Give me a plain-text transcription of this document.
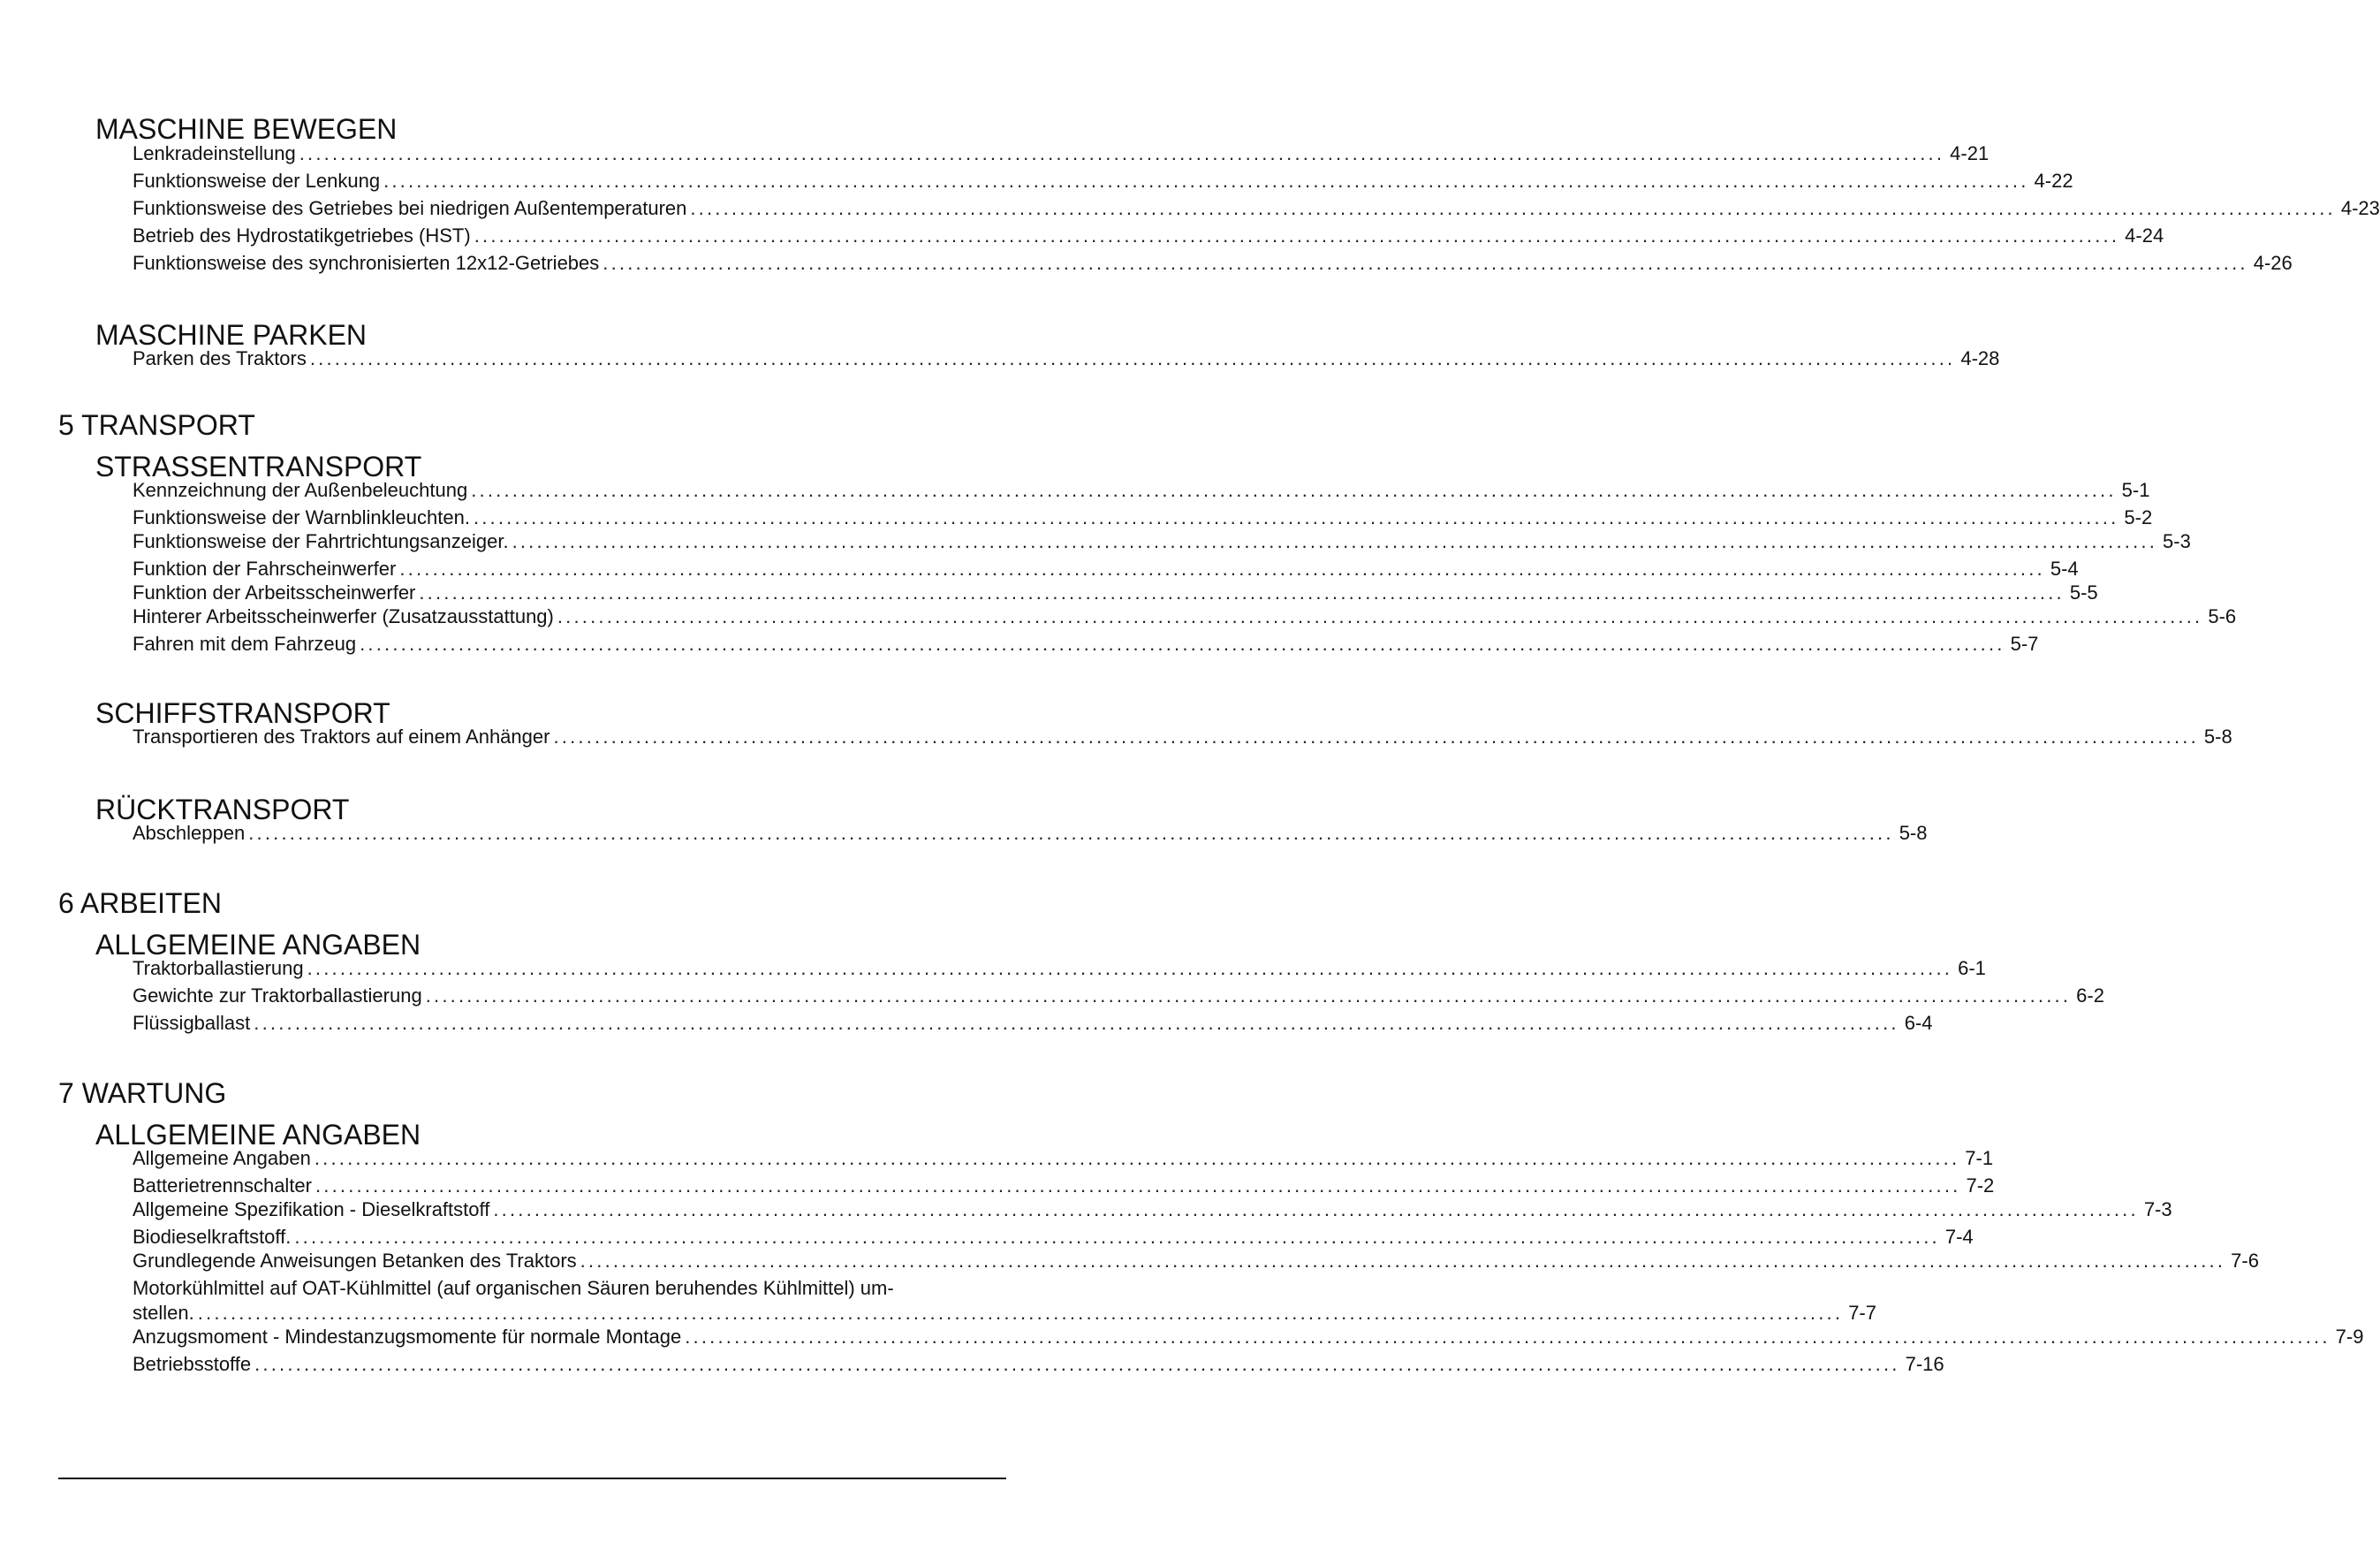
MASCHINE BEWEGEN
Lenkradeinstellung ........................................................................................................................................................................................................ 4-21
Funktionsweise der Lenkung ........................................................................................................................................................................................................ 4-22
Funktionsweise des Getriebes bei niedrigen Außentemperaturen ........................................................................................................................................................................................................ 4-23
Betrieb des Hydrostatikgetriebes (HST) ........................................................................................................................................................................................................ 4-24
Funktionsweise des synchronisierten 12x12-Getriebes ........................................................................................................................................................................................................ 4-26
MASCHINE PARKEN
Parken des Traktors ........................................................................................................................................................................................................ 4-28
5 TRANSPORT
STRASSENTRANSPORT
Kennzeichnung der Außenbeleuchtung ........................................................................................................................................................................................................ 5-1
Funktionsweise der Warnblinkleuchten. ........................................................................................................................................................................................................ 5-2
Funktionsweise der Fahrtrichtungsanzeiger. ........................................................................................................................................................................................................ 5-3
Funktion der Fahrscheinwerfer ........................................................................................................................................................................................................ 5-4
Funktion der Arbeitsscheinwerfer ........................................................................................................................................................................................................ 5-5
Hinterer Arbeitsscheinwerfer (Zusatzausstattung) ........................................................................................................................................................................................................ 5-6
Fahren mit dem Fahrzeug ........................................................................................................................................................................................................ 5-7
SCHIFFSTRANSPORT
Transportieren des Traktors auf einem Anhänger ........................................................................................................................................................................................................ 5-8
RÜCKTRANSPORT
Abschleppen ........................................................................................................................................................................................................ 5-8
6 ARBEITEN
ALLGEMEINE ANGABEN
Traktorballastierung ........................................................................................................................................................................................................ 6-1
Gewichte zur Traktorballastierung ........................................................................................................................................................................................................ 6-2
Flüssigballast ........................................................................................................................................................................................................ 6-4
7 WARTUNG
ALLGEMEINE ANGABEN
Allgemeine Angaben ........................................................................................................................................................................................................ 7-1
Batterietrennschalter ........................................................................................................................................................................................................ 7-2
Allgemeine Spezifikation - Dieselkraftstoff ........................................................................................................................................................................................................ 7-3
Biodieselkraftstoff. ........................................................................................................................................................................................................ 7-4
Grundlegende Anweisungen Betanken des Traktors ........................................................................................................................................................................................................ 7-6
Motorkühlmittel auf OAT-Kühlmittel (auf organischen Säuren beruhendes Kühlmittel) um-
stellen. ........................................................................................................................................................................................................ 7-7
Anzugsmoment - Mindestanzugsmomente für normale Montage ........................................................................................................................................................................................................ 7-9
Betriebsstoffe ........................................................................................................................................................................................................ 7-16
